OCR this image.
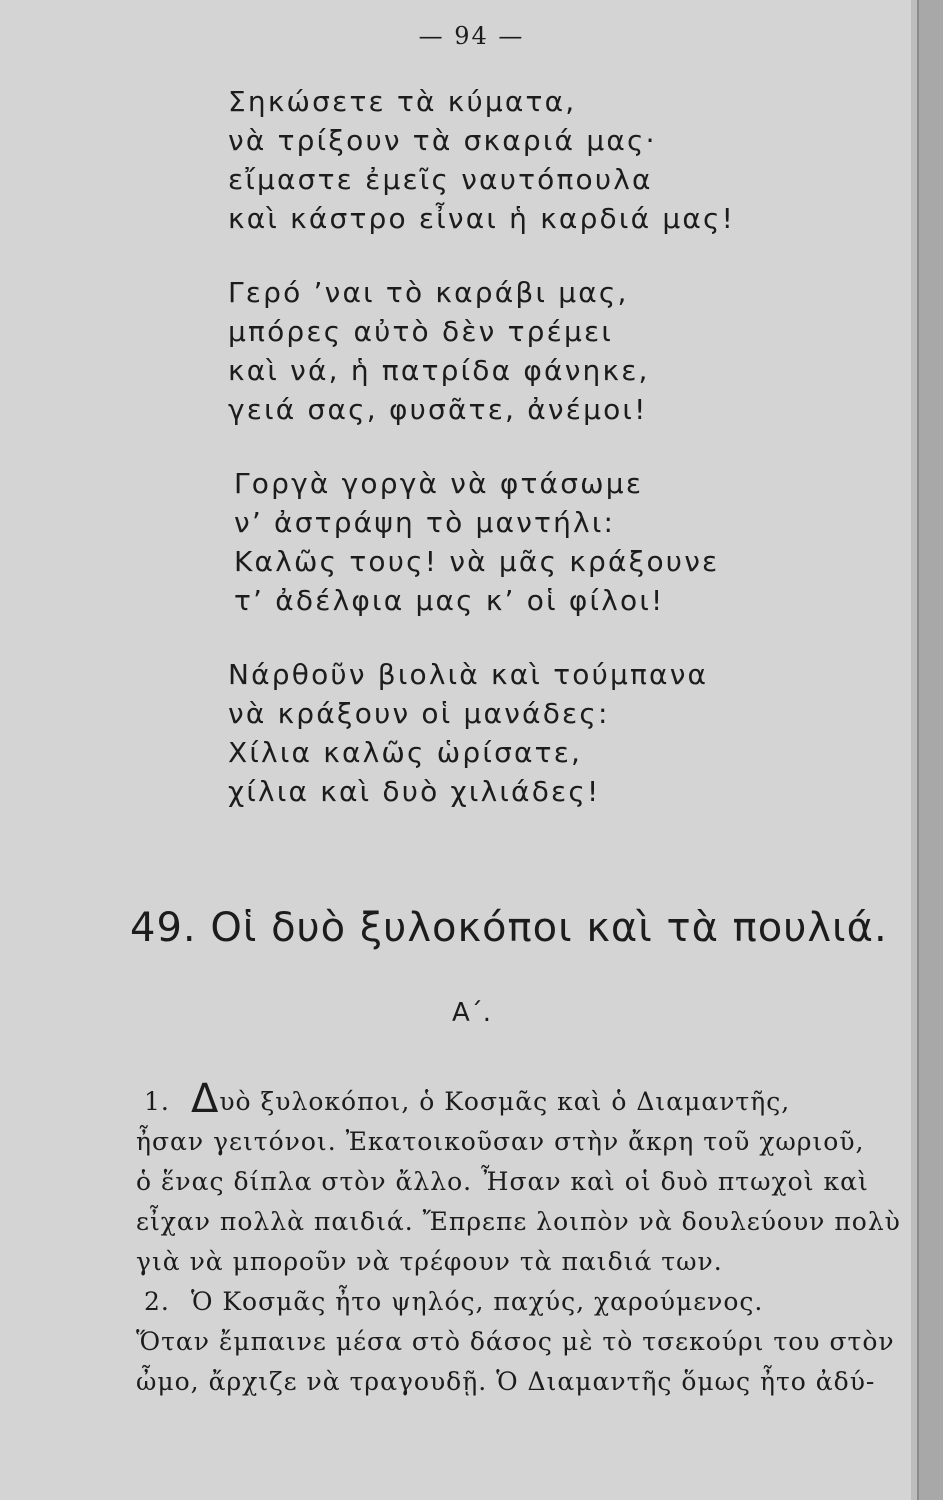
— 94 —
Σηκώσετε τὰ κύματα,
νὰ τρίξουν τὰ σκαριά μας·
εἴμαστε ἐμεῖς ναυτόπουλα
καὶ κάστρο εἶναι ἡ καρδιά μας!
Γερό ’ναι τὸ καράβι μας,
μπόρες αὐτὸ δὲν τρέμει
καὶ νά, ἡ πατρίδα φάνηκε,
γειά σας, φυσᾶτε, ἀνέμοι!
Γοργὰ γοργὰ νὰ φτάσωμε
ν’ ἀστράψη τὸ μαντήλι:
Καλῶς τους! νὰ μᾶς κράξουνε
τ’ ἀδέλφια μας κ’ οἱ φίλοι!
Νάρθοῦν βιολιὰ καὶ τούμπανα
νὰ κράξουν οἱ μανάδες:
Χίλια καλῶς ὡρίσατε,
χίλια καὶ δυὸ χιλιάδες!
49. Οἱ δυὸ ξυλοκόποι καὶ τὰ πουλιά.
Α΄.
1. Δυὸ ξυλοκόποι, ὁ Κοσμᾶς καὶ ὁ Διαμαντῆς,
ἦσαν γειτόνοι. Ἐκατοικοῦσαν στὴν ἄκρη τοῦ χωριοῦ,
ὁ ἕνας δίπλα στὸν ἄλλο. Ἦσαν καὶ οἱ δυὸ πτωχοὶ καὶ
εἶχαν πολλὰ παιδιά. Ἔπρεπε λοιπὸν νὰ δουλεύουν πολὺ
γιὰ νὰ μποροῦν νὰ τρέφουν τὰ παιδιά των.
2. Ὁ Κοσμᾶς ἦτο ψηλός, παχύς, χαρούμενος.
Ὅταν ἔμπαινε μέσα στὸ δάσος μὲ τὸ τσεκούρι του στὸν
ὦμο, ἄρχιζε νὰ τραγουδῇ. Ὁ Διαμαντῆς ὅμως ἦτο ἀδύ-
